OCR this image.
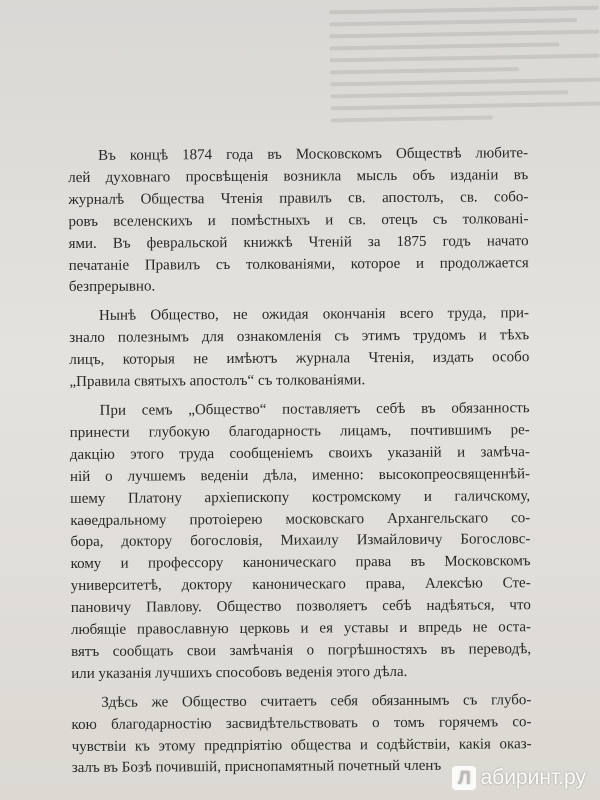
Въ концѣ 1874 года въ Московскомъ Обществѣ любите-
лей духовнаго просвѣщенія возникла мысль объ изданіи въ
журналѣ Общества Чтенія правилъ св. апостолъ, св. собо-
ровъ вселенскихъ и помѣстныхъ и св. отецъ съ толковані-
ями. Въ февральской книжкѣ Чтеній за 1875 годъ начато
печатаніе Правилъ съ толкованіями, которое и продолжается
безпрерывно.
Нынѣ Общество, не ожидая окончанія всего труда, при-
знало полезнымъ для ознакомленія съ этимъ трудомъ и тѣхъ
лицъ, которыя не имѣютъ журнала Чтенія, издать особо
„Правила святыхъ апостолъ“ съ толкованіями.
При семъ „Общество“ поставляетъ себѣ въ обязанность
принести глубокую благодарность лицамъ, почтившимъ ре-
дакцію этого труда сообщеніемъ своихъ указаній и замѣча-
ній о лучшемъ веденіи дѣла, именно: высокопреосвященнѣй-
шему Платону архіепископу костромскому и галичскому,
каѳедральному протоіерею московскаго Архангельскаго со-
бора, доктору богословія, Михаилу Измайловичу Богословс-
кому и профессору каноническаго права въ Московскомъ
университетѣ, доктору каноническаго права, Алексѣю Сте-
пановичу Павлову. Общество позволяетъ себѣ надѣяться, что
любящіе православную церковь и ея уставы и впредь не остa-
вятъ сообщать свои замѣчанія о погрѣшностяхъ въ переводѣ,
или указанія лучшихъ способовъ веденія этого дѣла.
Здѣсь же Общество считаетъ себя обязаннымъ съ глубо-
кою благодарностію засвидѣтельствовать о томъ горячемъ со-
чувствіи къ этому предпріятію общества и содѣйствіи, какія оказ-
залъ въ Бозѣ почившій, приснопамятный почетный членъ
Л абиринт.ру
